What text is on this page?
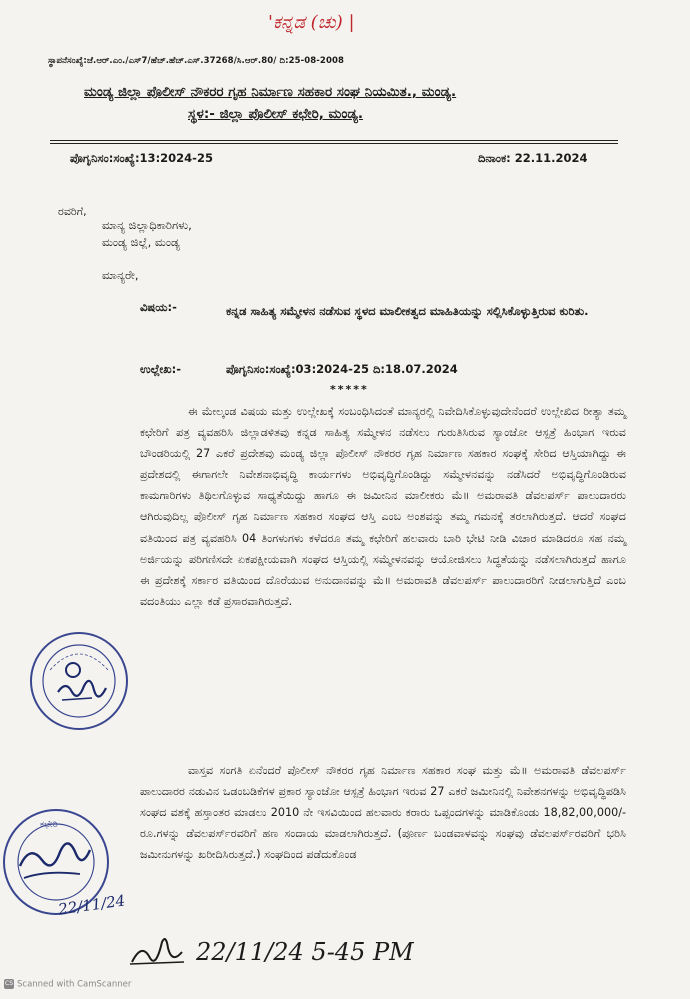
'ಕನ್ನಡ (ಚು) |
ಸ್ಥಾಪನೆಸಂಖ್ಯೆ:ಜೆ.ಆರ್.ಎಂ./ಎಸ್7/ಹೆಚ್.ಹೆಚ್.ಎಸ್.37268/ಸಿ.ಆರ್.80/ ದಿ:25-08-2008
ಮಂಡ್ಯ ಜಿಲ್ಲಾ ಪೊಲೀಸ್ ನೌಕರರ ಗೃಹ ನಿರ್ಮಾಣ ಸಹಕಾರ ಸಂಘ ನಿಯಮಿತ., ಮಂಡ್ಯ.
ಸ್ಥಳ:- ಜಿಲ್ಲಾ ಪೊಲೀಸ್ ಕಛೇರಿ, ಮಂಡ್ಯ.
ಪೊಗೃನಿಸಂ:ಸಂಖ್ಯೆ:13:2024-25	ದಿನಾಂಕ: 22.11.2024
ರವರಿಗೆ,
ಮಾನ್ಯ ಜಿಲ್ಲಾಧಿಕಾರಿಗಳು,
ಮಂಡ್ಯ ಜಿಲ್ಲೆ, ಮಂಡ್ಯ
ಮಾನ್ಯರೇ,
ವಿಷಯ:-	ಕನ್ನಡ ಸಾಹಿತ್ಯ ಸಮ್ಮೇಳನ ನಡೆಸುವ ಸ್ಥಳದ ಮಾಲೀಕತ್ವದ ಮಾಹಿತಿಯನ್ನು ಸಲ್ಲಿಸಿಕೊಳ್ಳುತ್ತಿರುವ ಕುರಿತು.
ಉಲ್ಲೇಖ:-	ಪೊಗೃನಿಸಂ:ಸಂಖ್ಯೆ:03:2024-25 ದಿ:18.07.2024
*****
ಈ ಮೇಲ್ಕಂಡ ವಿಷಯ ಮತ್ತು ಉಲ್ಲೇಖಕ್ಕೆ ಸಂಬಂಧಿಸಿದಂತೆ ಮಾನ್ಯರಲ್ಲಿ ನಿವೇದಿಸಿಕೊಳ್ಳುವುದೇನೆಂದರೆ ಉಲ್ಲೇಖಿದ ರೀತ್ಯಾ ತಮ್ಮ ಕಛೇರಿಗೆ ಪತ್ರ ವ್ಯವಹರಿಸಿ ಜಿಲ್ಲಾಡಳಿತವು ಕನ್ನಡ ಸಾಹಿತ್ಯ ಸಮ್ಮೇಳನ ನಡೆಸಲು ಗುರುತಿಸಿರುವ ಸ್ಯಾಂಜೋ ಆಸ್ಪತ್ರೆ ಹಿಂಭಾಗ ಇರುವ ಬೌಂಡರಿಯಲ್ಲಿ 27 ಎಕರೆ ಪ್ರದೇಶವು ಮಂಡ್ಯ ಜಿಲ್ಲಾ ಪೊಲೀಸ್ ನೌಕರರ ಗೃಹ ನಿರ್ಮಾಣ ಸಹಕಾರ ಸಂಘಕ್ಕೆ ಸೇರಿದ ಆಸ್ತಿಯಾಗಿದ್ದು ಈ ಪ್ರದೇಶದಲ್ಲಿ ಈಗಾಗಲೇ ನಿವೇಶನಾಭಿವೃದ್ಧಿ ಕಾರ್ಯಗಳು ಅಭಿವೃದ್ಧಿಗೊಂಡಿದ್ದು ಸಮ್ಮೇಳನವನ್ನು ನಡೆಸಿದರೆ ಅಭಿವೃದ್ಧಿಗೊಂಡಿರುವ ಕಾಮಗಾರಿಗಳು ತಿಥಿಲಗೊಳ್ಳುವ ಸಾಧ್ಯತೆಯಿದ್ದು ಹಾಗೂ ಈ ಜಮೀನಿನ ಮಾಲೀಕರು ಮೆ॥ ಅಮರಾವತಿ ಡೆವಲಪರ್ಸ್ ಪಾಲುದಾರರು ಆಗಿರುವುದಿಲ್ಲ ಪೊಲೀಸ್ ಗೃಹ ನಿರ್ಮಾಣ ಸಹಕಾರ ಸಂಘದ ಆಸ್ತಿ ಎಂಬ ಅಂಶವನ್ನು ತಮ್ಮ ಗಮನಕ್ಕೆ ತರಲಾಗಿರುತ್ತದೆ. ಆದರೆ ಸಂಘದ ವತಿಯಿಂದ ಪತ್ರ ವ್ಯವಹರಿಸಿ 04 ತಿಂಗಳುಗಳು ಕಳೆದರೂ ತಮ್ಮ ಕಛೇರಿಗೆ ಹಲವಾರು ಬಾರಿ ಭೇಟಿ ನೀಡಿ ವಿಚಾರ ಮಾಡಿದರೂ ಸಹ ನಮ್ಮ ಅರ್ಜಿಯನ್ನು ಪರಿಗಣಿಸದೇ ಏಕಪಕ್ಷೀಯವಾಗಿ ಸಂಘದ ಆಸ್ತಿಯಲ್ಲಿ ಸಮ್ಮೇಳನವನ್ನು ಆಯೋಜಿಸಲು ಸಿದ್ಧತೆಯನ್ನು ನಡೆಸಲಾಗಿರುತ್ತದೆ ಹಾಗೂ ಈ ಪ್ರದೇಶಕ್ಕೆ ಸರ್ಕಾರ ವತಿಯಿಂದ ದೊರೆಯುವ ಅನುದಾನವನ್ನು ಮೆ॥ ಅಮರಾವತಿ ಡೆವಲಪರ್ಸ್ ಪಾಲುದಾರರಿಗೆ ನೀಡಲಾಗುತ್ತಿದೆ ಎಂಬ ವದಂತಿಯು ಎಲ್ಲಾ ಕಡೆ ಪ್ರಸಾರವಾಗಿರುತ್ತದೆ.
ವಾಸ್ತವ ಸಂಗತಿ ಏನೆಂದರೆ ಪೊಲೀಸ್ ನೌಕರರ ಗೃಹ ನಿರ್ಮಾಣ ಸಹಕಾರ ಸಂಘ ಮತ್ತು ಮೆ॥ ಅಮರಾವತಿ ಡೆವಲಪರ್ಸ್ ಪಾಲುದಾರರ ನಡುವಿನ ಒಡಂಬಡಿಕೆಗಳ ಪ್ರಕಾರ ಸ್ಯಾಂಜೋ ಆಸ್ಪತ್ರೆ ಹಿಂಭಾಗ ಇರುವ 27 ಎಕರೆ ಜಮೀನಿನಲ್ಲಿ ನಿವೇಶನಗಳನ್ನು ಅಭಿವೃದ್ಧಿಪಡಿಸಿ ಸಂಘದ ವಶಕ್ಕೆ ಹಸ್ತಾಂತರ ಮಾಡಲು 2010 ನೇ ಇಸವಿಯಿಂದ ಹಲವಾರು ಕರಾರು ಒಪ್ಪಂದಗಳನ್ನು ಮಾಡಿಕೊಂಡು 18,82,00,000/- ರೂ.ಗಳನ್ನು ಡೆವಲಪರ್ಸ್‌ರವರಿಗೆ ಹಣ ಸಂದಾಯ ಮಾಡಲಾಗಿರುತ್ತದೆ. (ಪೂರ್ಣ ಬಂಡವಾಳವನ್ನು ಸಂಘವು ಡೆವಲಪರ್ಸ್‌ರವರಿಗೆ ಭರಿಸಿ ಜಮೀನುಗಳನ್ನು ಖರೀದಿಸಿರುತ್ತದೆ.) ಸಂಘದಿಂದ ಪಡೆದುಕೊಂಡ
ಕಛೇರಿ
22/11/24
22/11/24 5-45 PM
CS Scanned with CamScanner
